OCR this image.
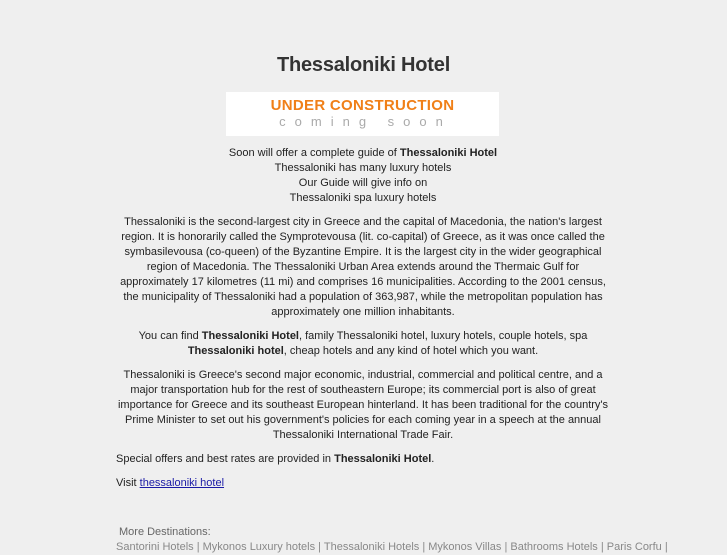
Thessaloniki Hotel
UNDER CONSTRUCTION
coming soon

Soon will offer a complete guide of Thessaloniki Hotel
Thessaloniki has many luxury hotels
Our Guide will give info on
Thessaloniki spa luxury hotels

Thessaloniki is the second-largest city in Greece and the capital of Macedonia, the nation's largest region. It is honorarily called the Symprotevousa (lit. co-capital) of Greece, as it was once called the symbasilevousa (co-queen) of the Byzantine Empire. It is the largest city in the wider geographical region of Macedonia. The Thessaloniki Urban Area extends around the Thermaic Gulf for approximately 17 kilometres (11 mi) and comprises 16 municipalities. According to the 2001 census, the municipality of Thessaloniki had a population of 363,987, while the metropolitan population has approximately one million inhabitants.

You can find Thessaloniki Hotel, family Thessaloniki hotel, luxury hotels, couple hotels, spa Thessaloniki hotel, cheap hotels and any kind of hotel which you want.

Thessaloniki is Greece's second major economic, industrial, commercial and political centre, and a major transportation hub for the rest of southeastern Europe; its commercial port is also of great importance for Greece and its southeast European hinterland. It has been traditional for the country's Prime Minister to set out his government's policies for each coming year in a speech at the annual Thessaloniki International Trade Fair.

Special offers and best rates are provided in Thessaloniki Hotel.

Visit thessaloniki hotel

More Destinations:
Santorini Hotels | Mykonos Luxury hotels | Thessaloniki Hotels | Mykonos Villas | Bathrooms Hotels | Paris Corfu |
